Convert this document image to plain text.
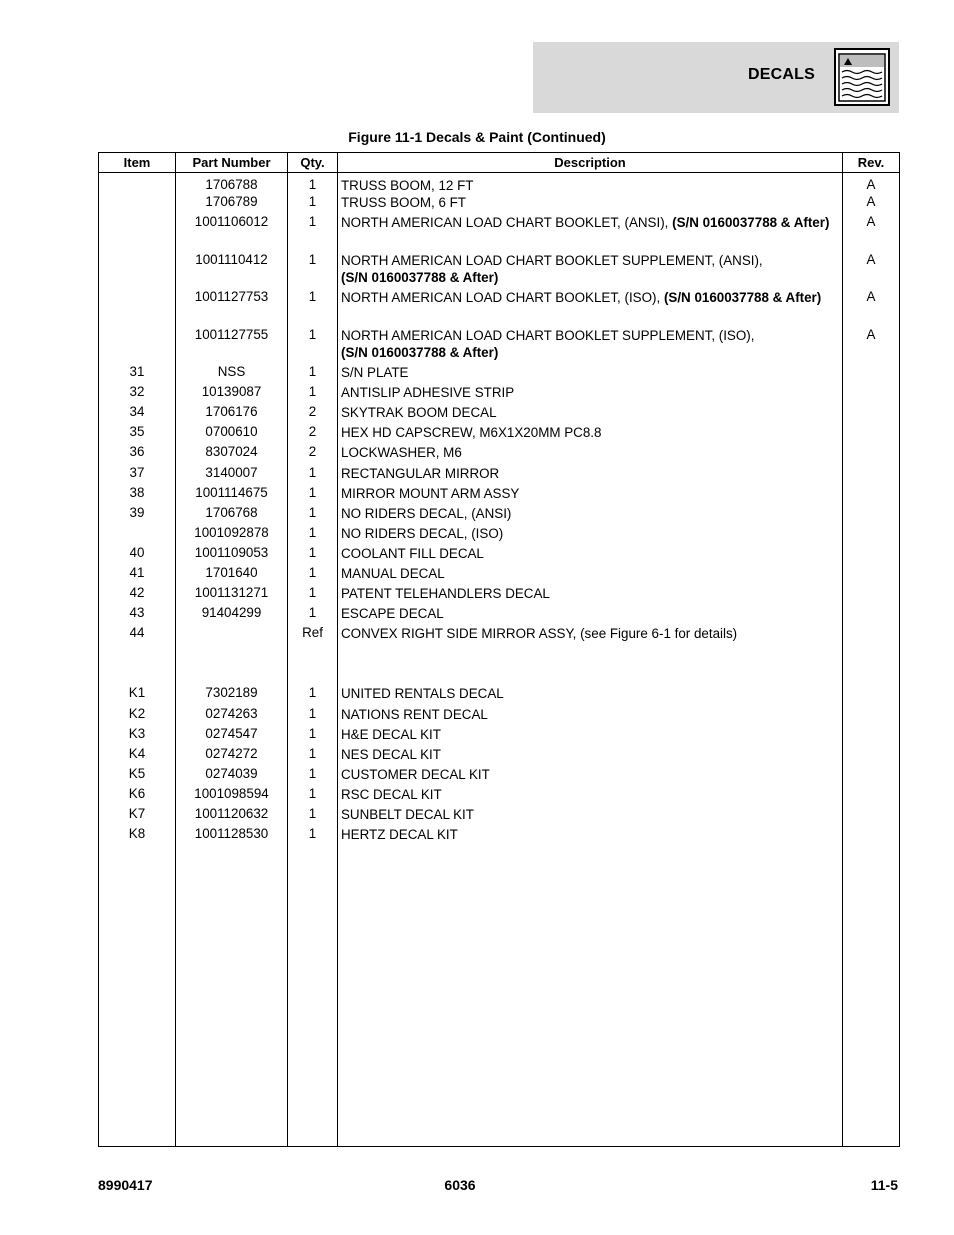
DECALS
Figure 11-1 Decals & Paint (Continued)
Item	Part Number	Qty.	Description	Rev.
	1706788	1	TRUSS BOOM, 12 FT	A
	1706789	1	TRUSS BOOM, 6 FT	A
	1001106012	1	NORTH AMERICAN LOAD CHART BOOKLET, (ANSI), (S/N 0160037788 & After)	A
	1001110412	1	NORTH AMERICAN LOAD CHART BOOKLET SUPPLEMENT, (ANSI),
(S/N 0160037788 & After)	A
	1001127753	1	NORTH AMERICAN LOAD CHART BOOKLET, (ISO), (S/N 0160037788 & After)	A
	1001127755	1	NORTH AMERICAN LOAD CHART BOOKLET SUPPLEMENT, (ISO),
(S/N 0160037788 & After)	A
31	NSS	1	S/N PLATE	
32	10139087	1	ANTISLIP ADHESIVE STRIP	
34	1706176	2	SKYTRAK BOOM DECAL	
35	0700610	2	HEX HD CAPSCREW, M6X1X20MM PC8.8	
36	8307024	2	LOCKWASHER, M6	
37	3140007	1	RECTANGULAR MIRROR	
38	1001114675	1	MIRROR MOUNT ARM ASSY	
39	1706768	1	NO RIDERS DECAL, (ANSI)	
	1001092878	1	NO RIDERS DECAL, (ISO)	
40	1001109053	1	COOLANT FILL DECAL	
41	1701640	1	MANUAL DECAL	
42	1001131271	1	PATENT TELEHANDLERS DECAL	
43	91404299	1	ESCAPE DECAL	
44		Ref	CONVEX RIGHT SIDE MIRROR ASSY, (see Figure 6-1 for details)	

K1	7302189	1	UNITED RENTALS DECAL	
K2	0274263	1	NATIONS RENT DECAL	
K3	0274547	1	H&E DECAL KIT	
K4	0274272	1	NES DECAL KIT	
K5	0274039	1	CUSTOMER DECAL KIT	
K6	1001098594	1	RSC DECAL KIT	
K7	1001120632	1	SUNBELT DECAL KIT	
K8	1001128530	1	HERTZ DECAL KIT	

8990417	6036	11-5
